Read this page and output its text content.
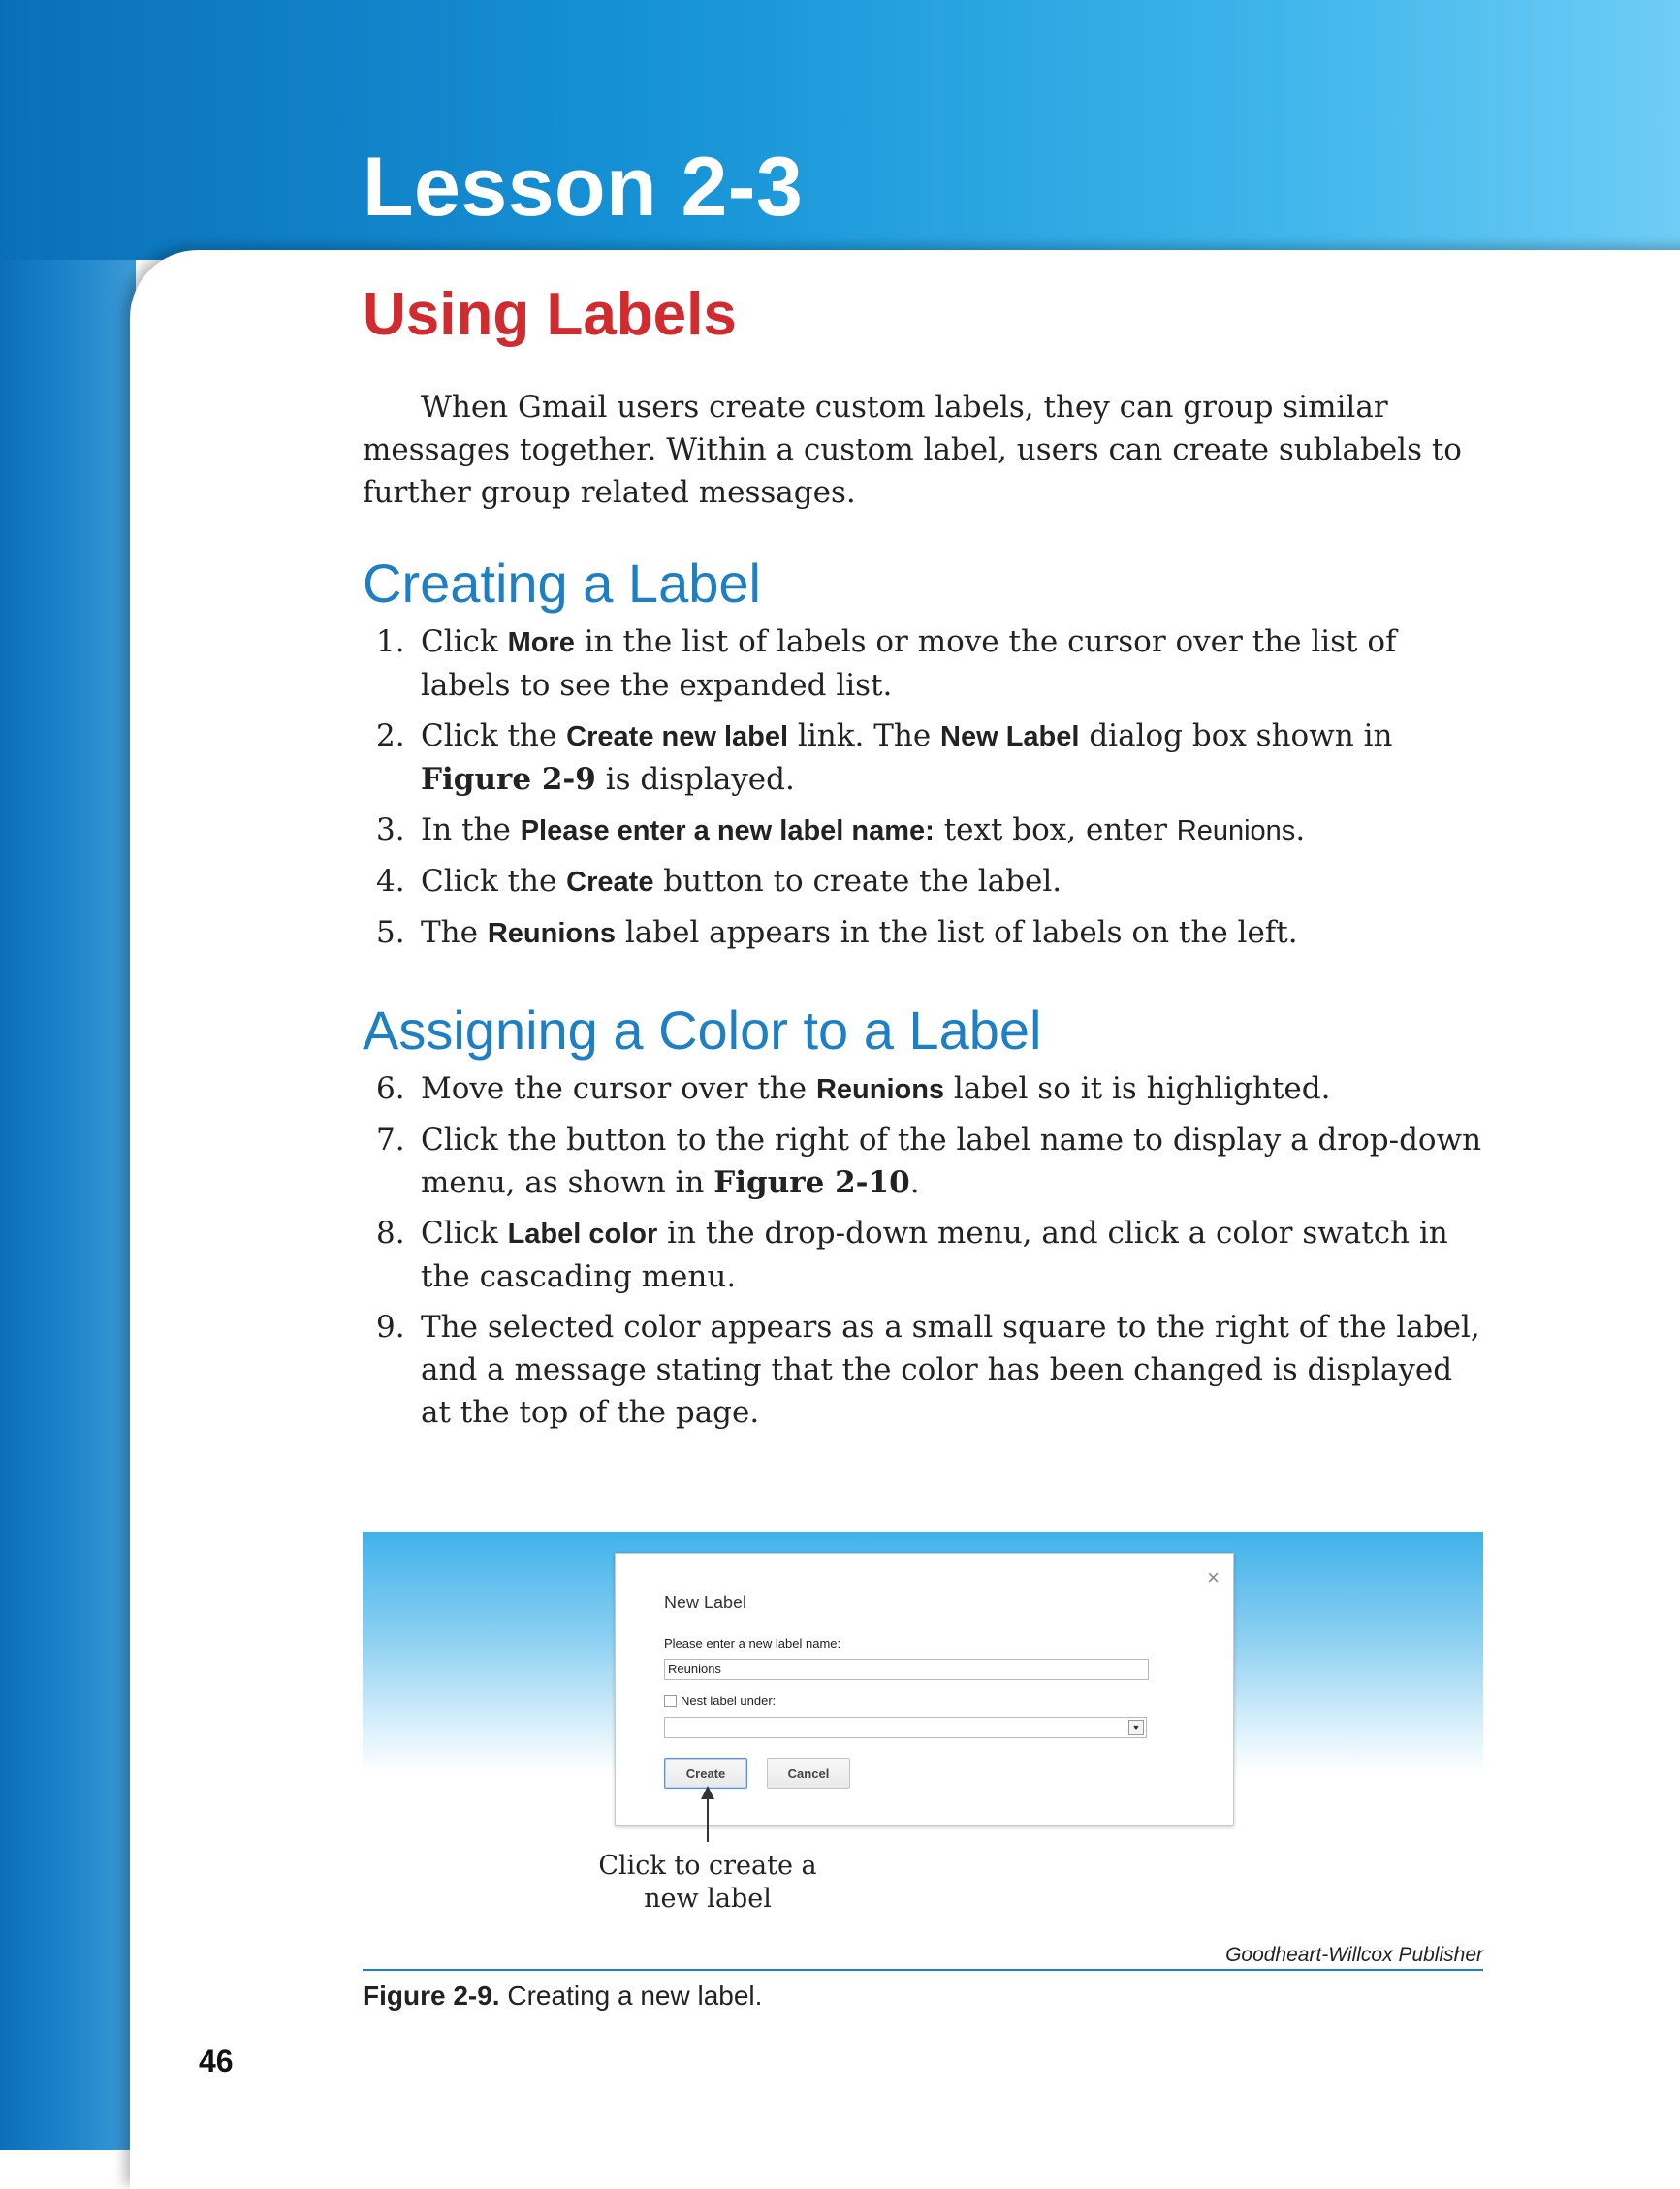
Lesson 2-3
Using Labels

When Gmail users create custom labels, they can group similar messages together. Within a custom label, users can create sublabels to further group related messages.

Creating a Label
1. Click More in the list of labels or move the cursor over the list of labels to see the expanded list.
2. Click the Create new label link. The New Label dialog box shown in Figure 2-9 is displayed.
3. In the Please enter a new label name: text box, enter Reunions.
4. Click the Create button to create the label.
5. The Reunions label appears in the list of labels on the left.
Assigning a Color to a Label
6. Move the cursor over the Reunions label so it is highlighted.
7. Click the button to the right of the label name to display a drop-down menu, as shown in Figure 2-10.
8. Click Label color in the drop-down menu, and click a color swatch in the cascading menu.
9. The selected color appears as a small square to the right of the label, and a message stating that the color has been changed is displayed at the top of the page.
×
New Label
Please enter a new label name:
Reunions
Nest label under:
▼
Create	Cancel
Click to create a new label
Goodheart-Willcox Publisher
Figure 2-9. Creating a new label.
46
